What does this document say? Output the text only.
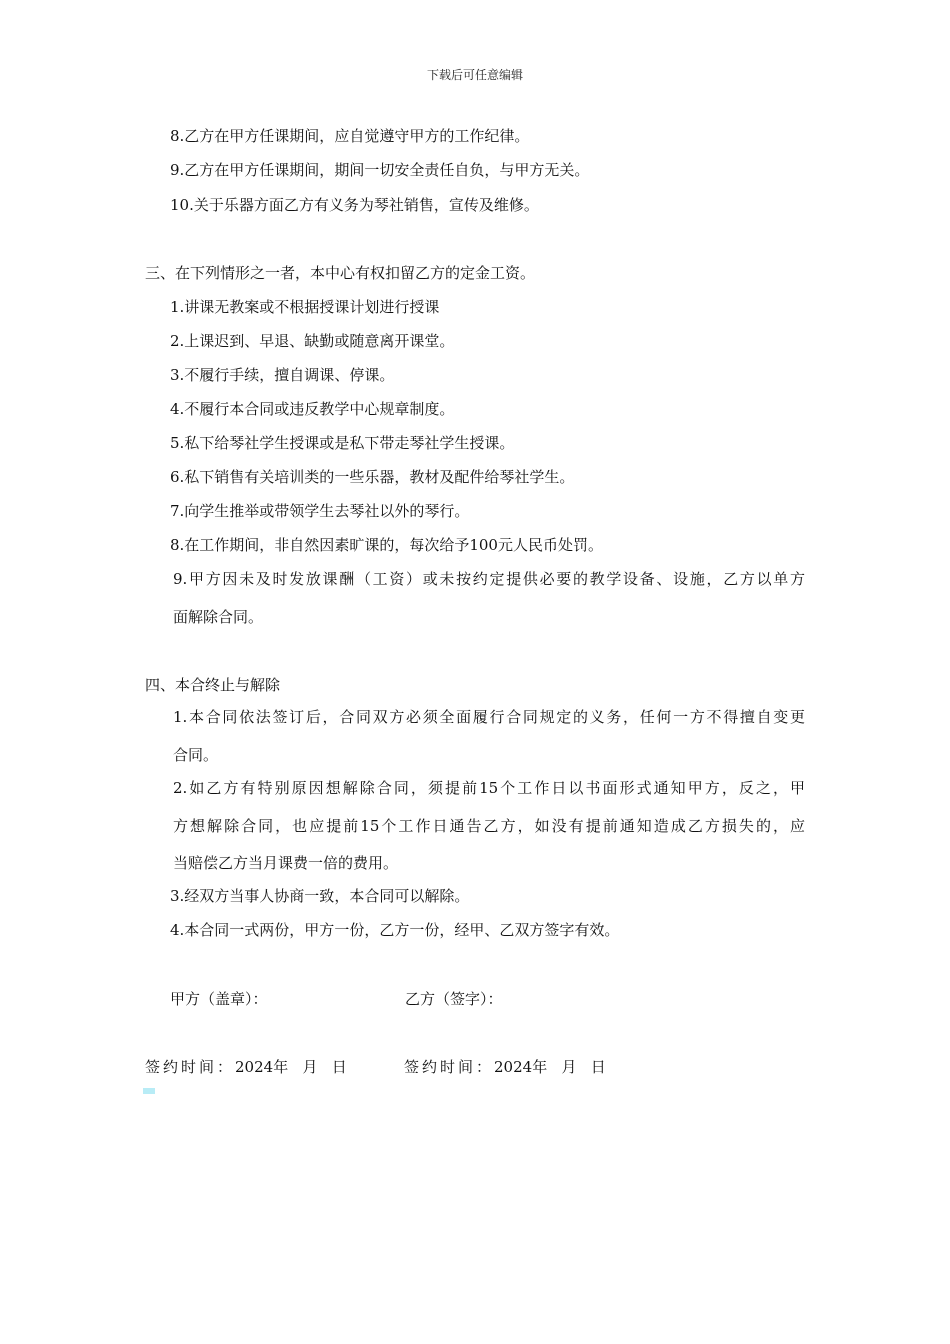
下载后可任意编辑
8.乙方在甲方任课期间，应自觉遵守甲方的工作纪律。
9.乙方在甲方任课期间，期间一切安全责任自负，与甲方无关。
10.关于乐器方面乙方有义务为琴社销售，宣传及维修。
三、在下列情形之一者，本中心有权扣留乙方的定金工资。
1.讲课无教案或不根据授课计划进行授课
2.上课迟到、早退、缺勤或随意离开课堂。
3.不履行手续，擅自调课、停课。
4.不履行本合同或违反教学中心规章制度。
5.私下给琴社学生授课或是私下带走琴社学生授课。
6.私下销售有关培训类的一些乐器，教材及配件给琴社学生。
7.向学生推举或带领学生去琴社以外的琴行。
8.在工作期间，非自然因素旷课的，每次给予100元人民币处罚。
9.甲方因未及时发放课酬（工资）或未按约定提供必要的教学设备、设施，乙方以单方
面解除合同。
四、本合终止与解除
1.本合同依法签订后，合同双方必须全面履行合同规定的义务，任何一方不得擅自变更
合同。
2.如乙方有特别原因想解除合同，须提前15个工作日以书面形式通知甲方，反之，甲
方想解除合同，也应提前15个工作日通告乙方，如没有提前通知造成乙方损失的，应
当赔偿乙方当月课费一倍的费用。
3.经双方当事人协商一致，本合同可以解除。
4.本合同一式两份，甲方一份，乙方一份，经甲、乙双方签字有效。
甲方（盖章）：	乙方（签字）：
签约时间：2024年   月   日	签约时间：2024年   月   日
